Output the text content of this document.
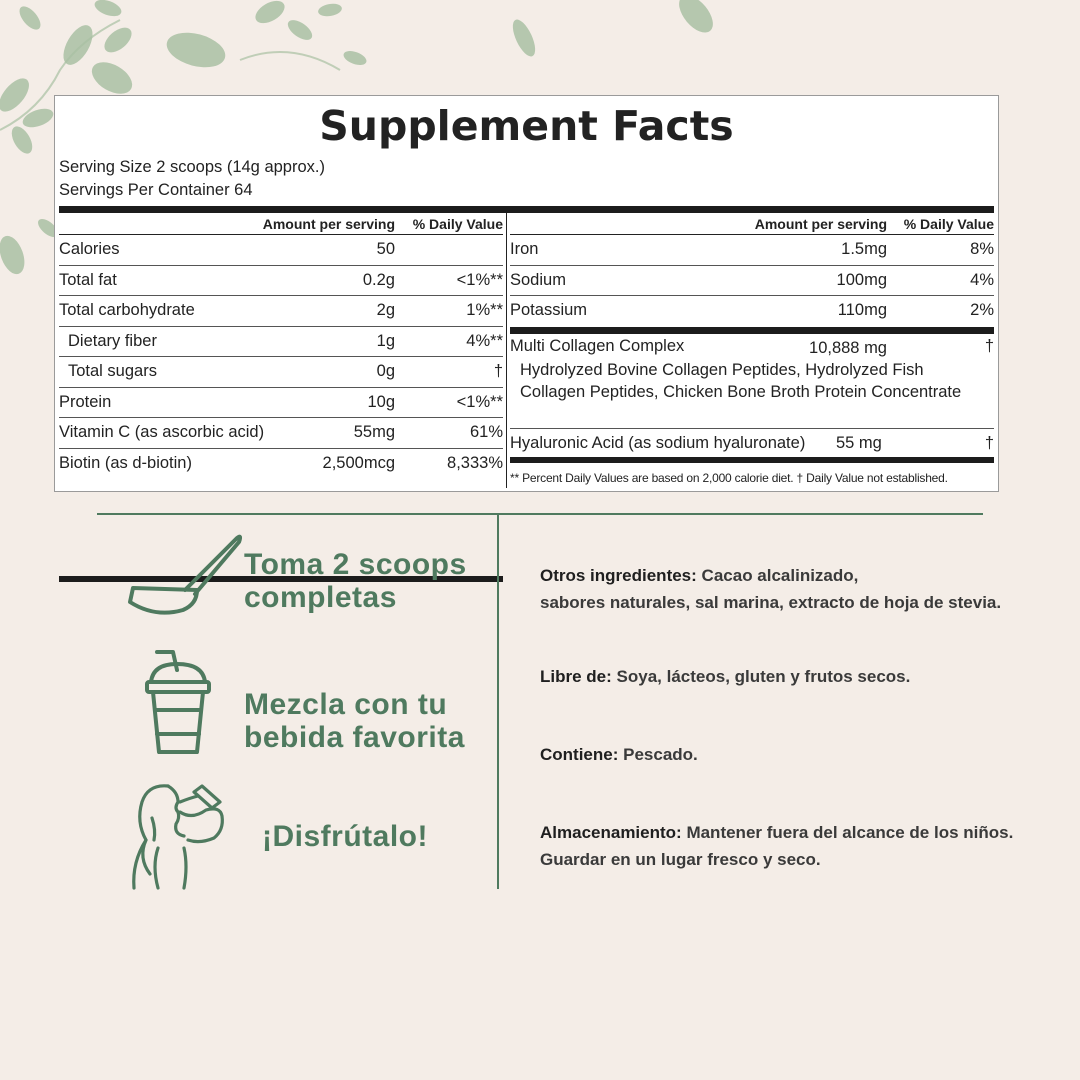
Supplement Facts
Serving Size 2 scoops (14g approx.)
Servings Per Container 64
Amount per serving % Daily Value
Calories	50
Total fat	0.2g	<1%**
Total carbohydrate	2g	1%**
Dietary fiber	1g	4%**
Total sugars	0g	†
Protein	10g	<1%**
Vitamin C (as ascorbic acid)	55mg	61%
Biotin (as d-biotin)	2,500mcg	8,333%
Amount per serving % Daily Value
Iron	1.5mg	8%
Sodium	100mg	4%
Potassium	110mg	2%
Multi Collagen Complex	10,888 mg	†
Hydrolyzed Bovine Collagen Peptides, Hydrolyzed Fish Collagen Peptides, Chicken Bone Broth Protein Concentrate
Hyaluronic Acid (as sodium hyaluronate) 55 mg	†
** Percent Daily Values are based on 2,000 calorie diet. † Daily Value not established.
Toma 2 scoops
completas
Mezcla con tu
bebida favorita
¡Disfrútalo!
Otros ingredientes: Cacao alcalinizado,
sabores naturales, sal marina, extracto de hoja de stevia.
Libre de: Soya, lácteos, gluten y frutos secos.
Contiene: Pescado.
Almacenamiento: Mantener fuera del alcance de los niños.
Guardar en un lugar fresco y seco.
